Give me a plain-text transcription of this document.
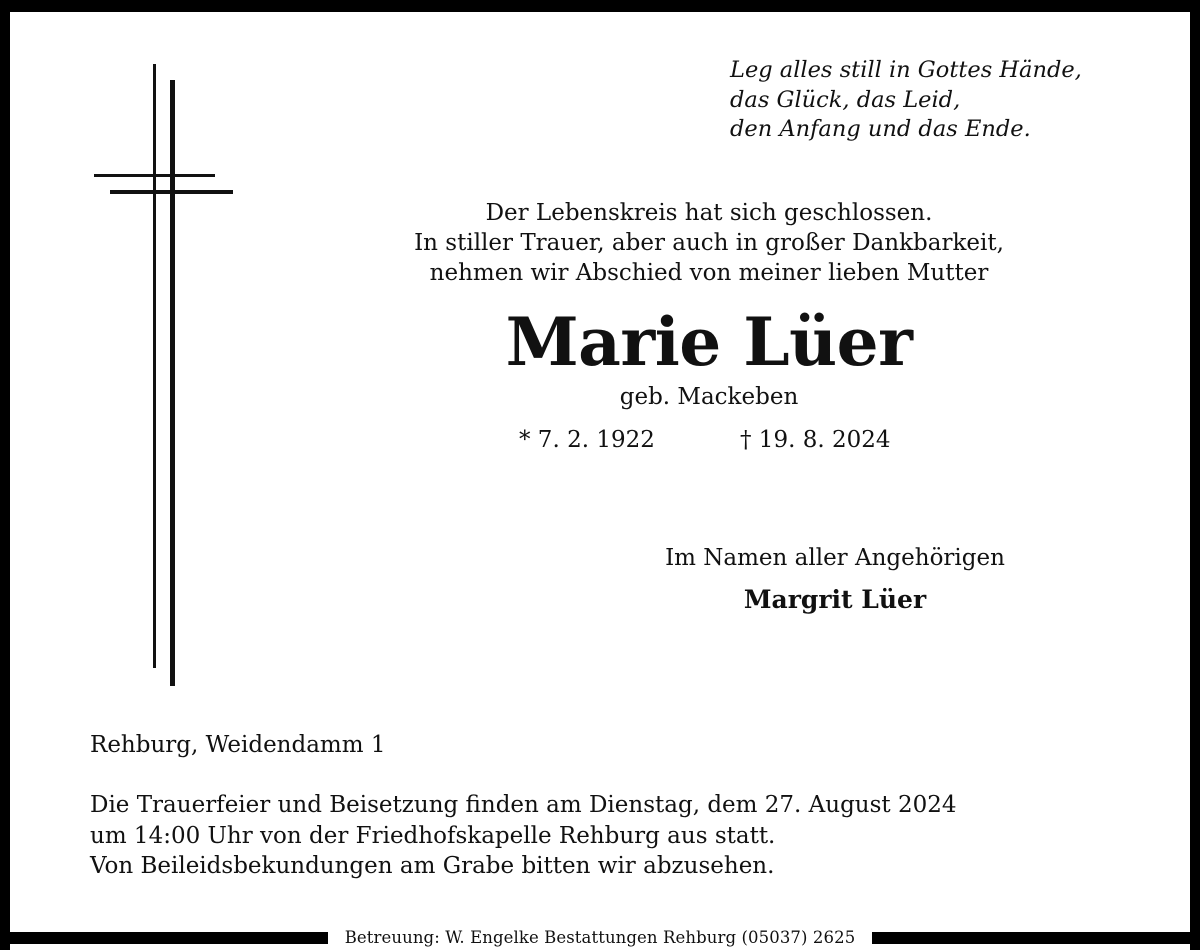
Leg alles still in Gottes Hände,
das Glück, das Leid,
den Anfang und das Ende.
Der Lebenskreis hat sich geschlossen.
In stiller Trauer, aber auch in großer Dankbarkeit,
nehmen wir Abschied von meiner lieben Mutter
Marie Lüer
geb. Mackeben
* 7. 2. 1922	† 19. 8. 2024
Im Namen aller Angehörigen
Margrit Lüer
Rehburg, Weidendamm 1
Die Trauerfeier und Beisetzung finden am Dienstag, dem 27. August 2024
um 14:00 Uhr von der Friedhofskapelle Rehburg aus statt.
Von Beileidsbekundungen am Grabe bitten wir abzusehen.
Betreuung: W. Engelke Bestattungen Rehburg (05037) 2625
